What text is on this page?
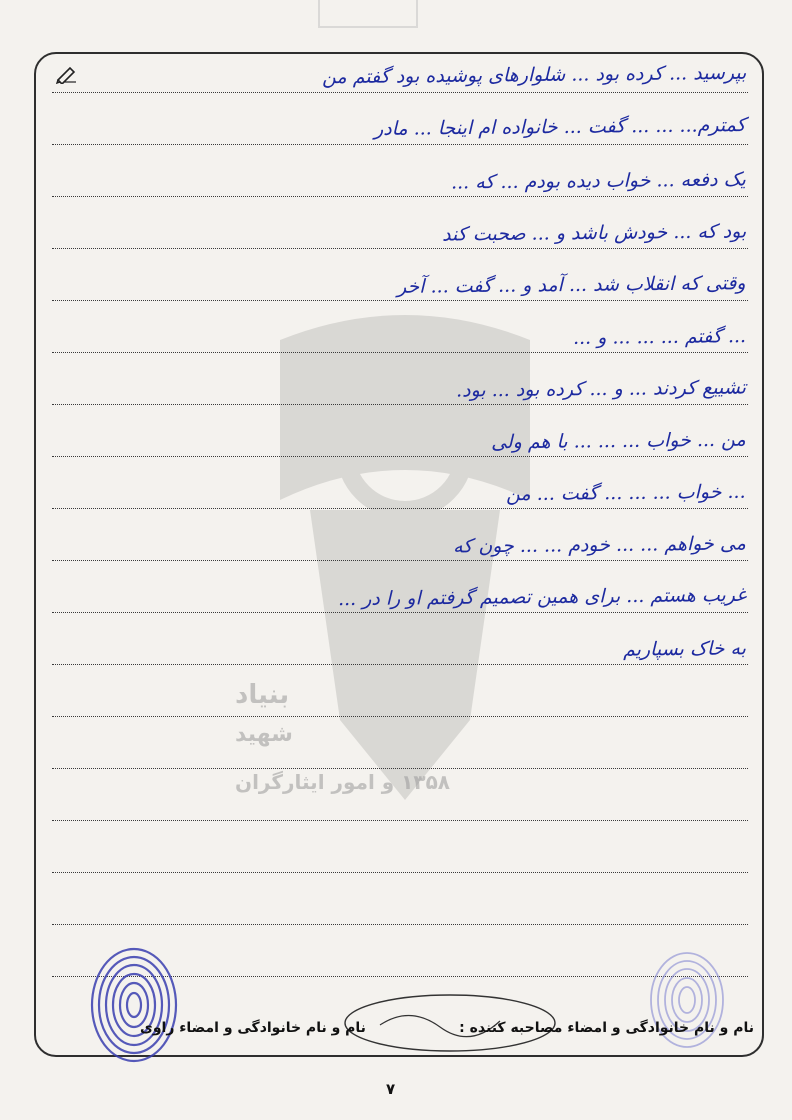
بنیاد
شهید
۱۳۵۸ و امور ایثارگران
بپرسید ... کرده بود ... شلوارهای پوشیده بود گفتم من
کمترم... ... ... گفت ... خانواده ام اینجا ... مادر
یک دفعه ... خواب دیده بودم ... که ...
بود که ... خودش باشد و ... صحبت کند
وقتی که انقلاب شد ... آمد و ... گفت ... آخر
... گفتم ... ... ... و ...
تشییع کردند ... و ... کرده بود ... بود.
من ... خواب ... ... ... با هم ولی
... خواب ... ... ... گفت ... من
می خواهم ... ... خودم ... ... چون که
غریب هستم ... برای همین تصمیم گرفتم او را در ...
به خاک بسپاریم
نام و نام خانوادگی و امضاء مصاحبه کننده :
نام و نام خانوادگی و امضاء راوی
۷
